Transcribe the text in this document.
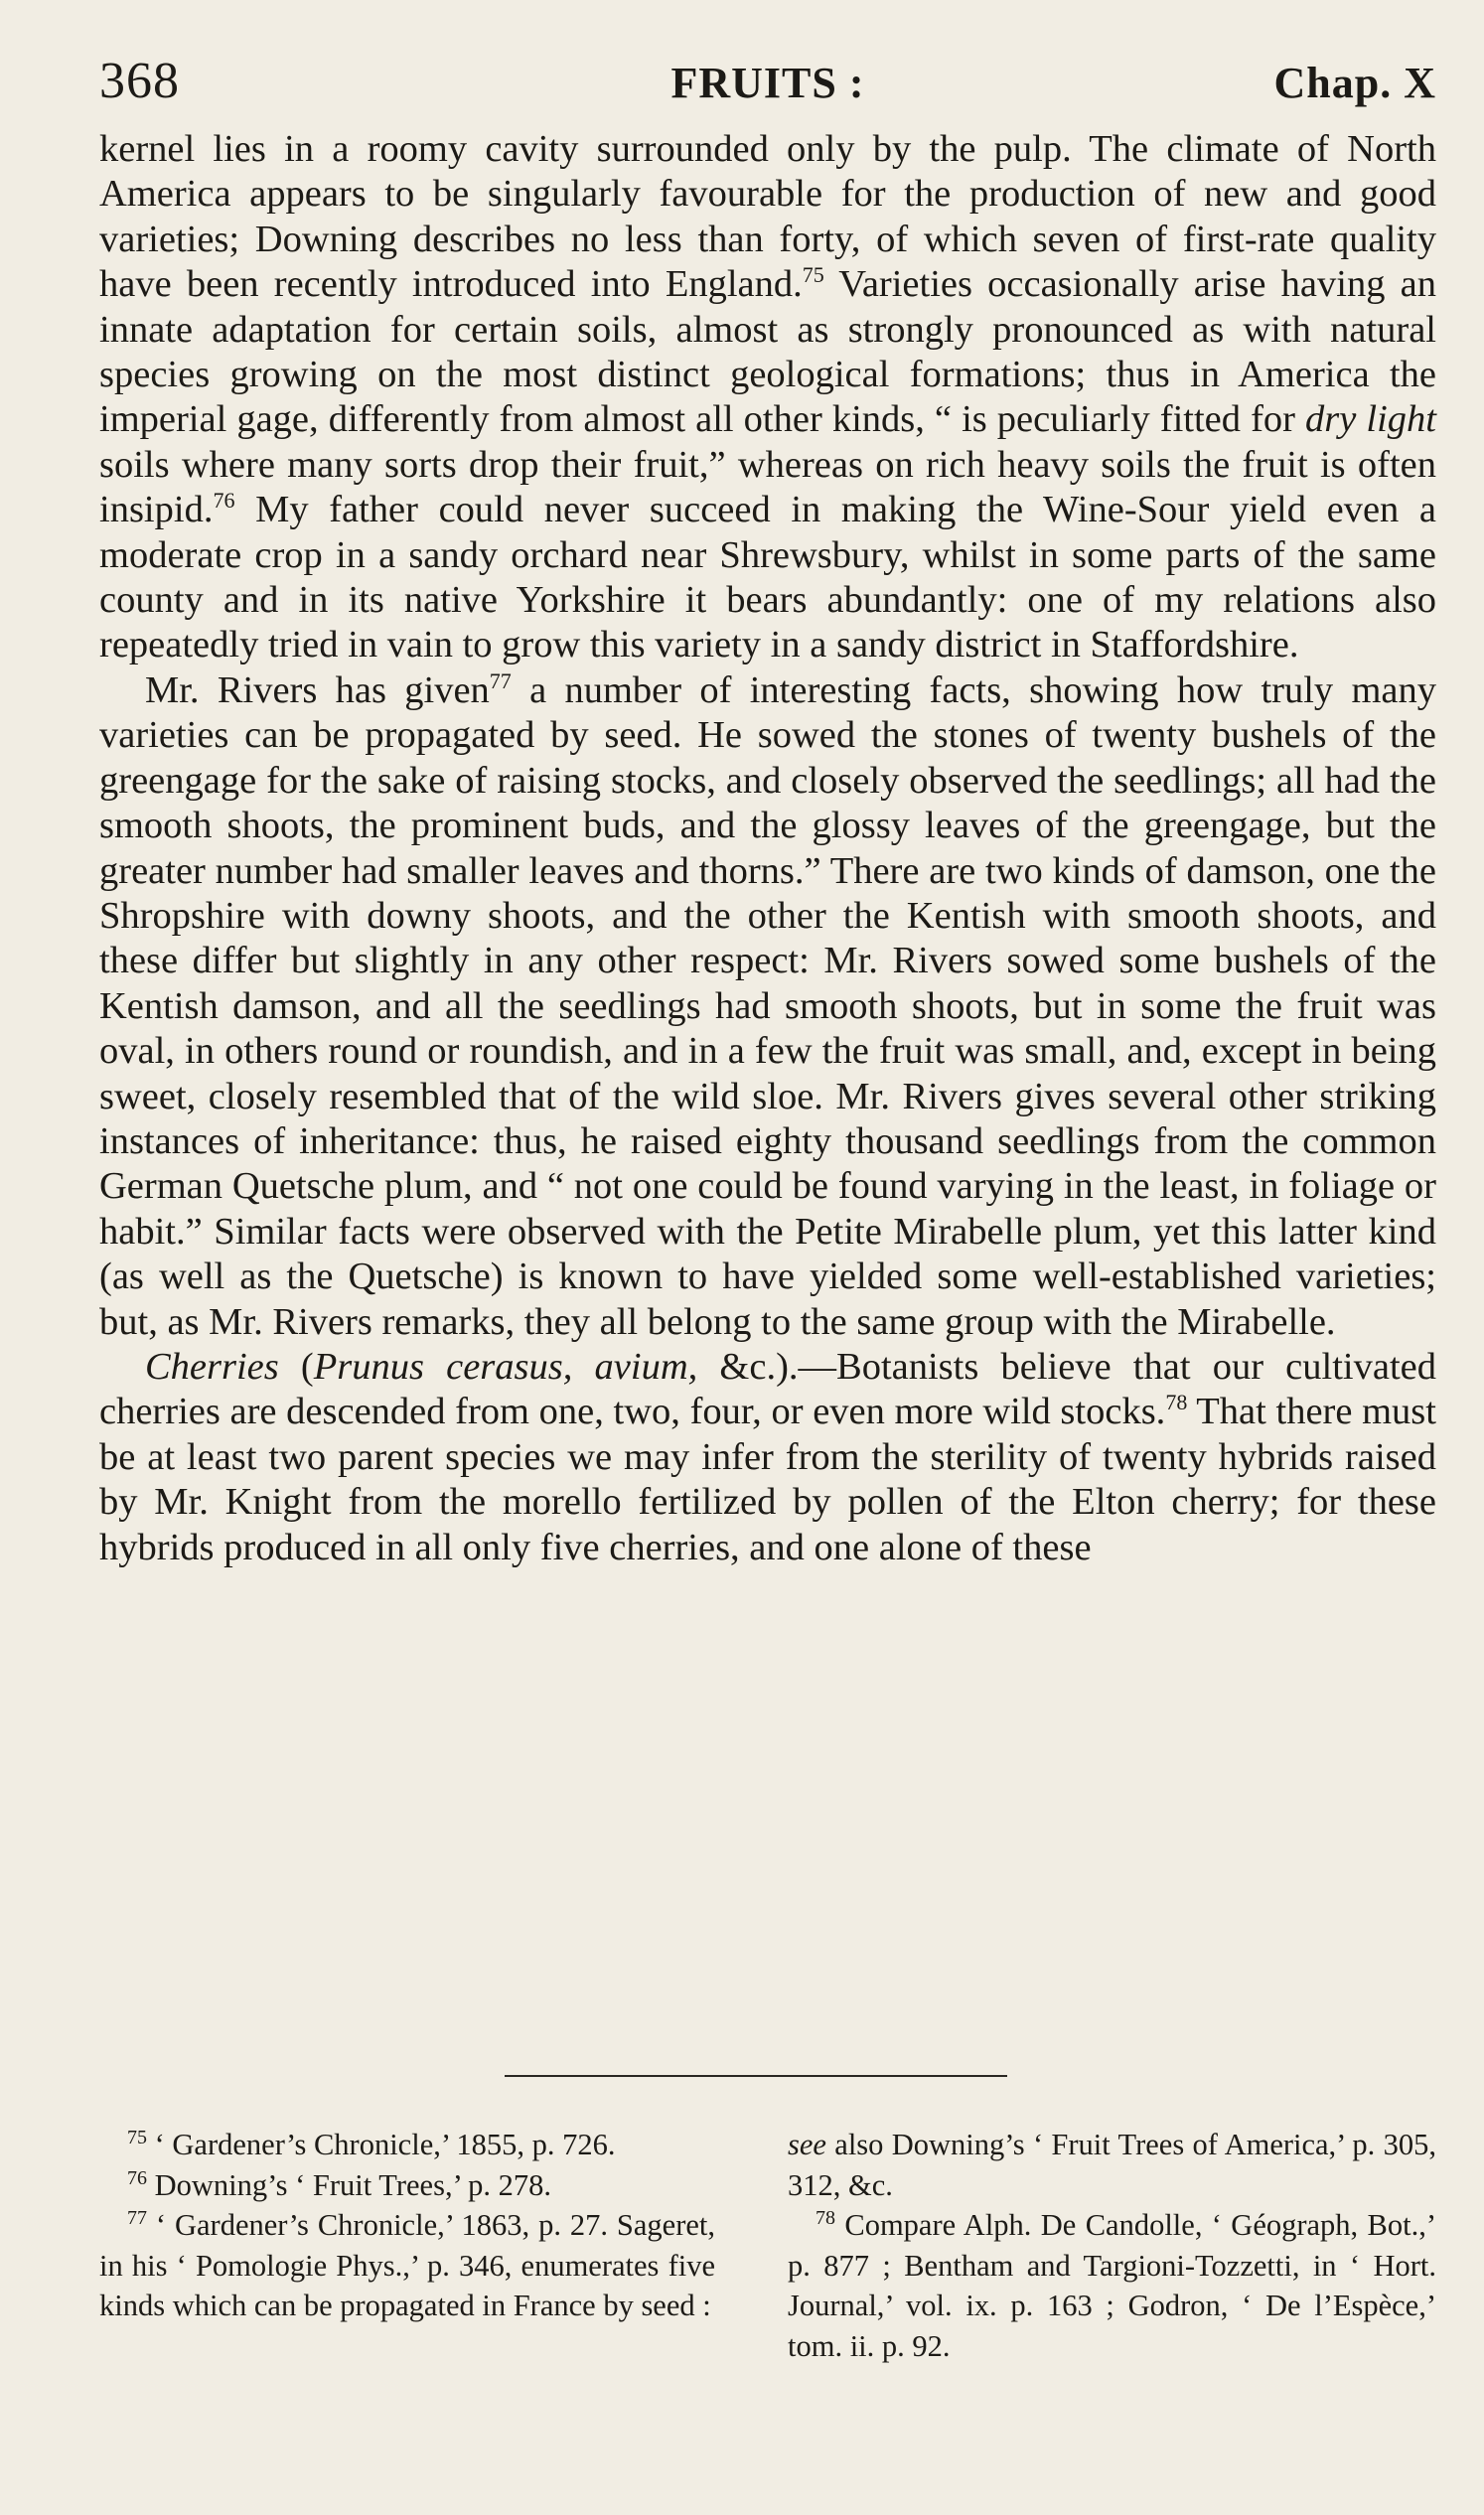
368	FRUITS :	Chap. X

kernel lies in a roomy cavity surrounded only by the pulp. The climate of North America appears to be singularly favourable for the production of new and good varieties; Downing describes no less than forty, of which seven of first-rate quality have been recently introduced into England.$^{75}$ Varieties occasionally arise having an innate adaptation for certain soils, almost as strongly pronounced as with natural species growing on the most distinct geological formations; thus in America the imperial gage, differently from almost all other kinds, “ is peculiarly fitted for dry light soils where many sorts drop their fruit,” whereas on rich heavy soils the fruit is often insipid.$^{76}$ My father could never succeed in making the Wine-Sour yield even a moderate crop in a sandy orchard near Shrewsbury, whilst in some parts of the same county and in its native Yorkshire it bears abundantly: one of my relations also repeatedly tried in vain to grow this variety in a sandy district in Staffordshire.

Mr. Rivers has given$^{77}$ a number of interesting facts, showing how truly many varieties can be propagated by seed. He sowed the stones of twenty bushels of the greengage for the sake of raising stocks, and closely observed the seedlings; all had the smooth shoots, the prominent buds, and the glossy leaves of the greengage, but the greater number had smaller leaves and thorns.” There are two kinds of damson, one the Shropshire with downy shoots, and the other the Kentish with smooth shoots, and these differ but slightly in any other respect: Mr. Rivers sowed some bushels of the Kentish damson, and all the seedlings had smooth shoots, but in some the fruit was oval, in others round or roundish, and in a few the fruit was small, and, except in being sweet, closely resembled that of the wild sloe. Mr. Rivers gives several other striking instances of inheritance: thus, he raised eighty thousand seedlings from the common German Quetsche plum, and “ not one could be found varying in the least, in foliage or habit.” Similar facts were observed with the Petite Mirabelle plum, yet this latter kind (as well as the Quetsche) is known to have yielded some well-established varieties; but, as Mr. Rivers remarks, they all belong to the same group with the Mirabelle.

Cherries (Prunus cerasus, avium, &c.).—Botanists believe that our cultivated cherries are descended from one, two, four, or even more wild stocks.$^{78}$ That there must be at least two parent species we may infer from the sterility of twenty hybrids raised by Mr. Knight from the morello fertilized by pollen of the Elton cherry; for these hybrids produced in all only five cherries, and one alone of these

$^{75}$ ‘ Gardener’s Chronicle,’ 1855, p. 726.

$^{76}$ Downing’s ‘ Fruit Trees,’ p. 278.

$^{77}$ ‘ Gardener’s Chronicle,’ 1863, p. 27. Sageret, in his ‘ Pomologie Phys.,’ p. 346, enumerates five kinds which can be propagated in France by seed :

see also Downing’s ‘ Fruit Trees of America,’ p. 305, 312, &c.

$^{78}$ Compare Alph. De Candolle, ‘ Géograph, Bot.,’ p. 877 ; Bentham and Targioni-Tozzetti, in ‘ Hort. Journal,’ vol. ix. p. 163 ; Godron, ‘ De l’Espèce,’ tom. ii. p. 92.
